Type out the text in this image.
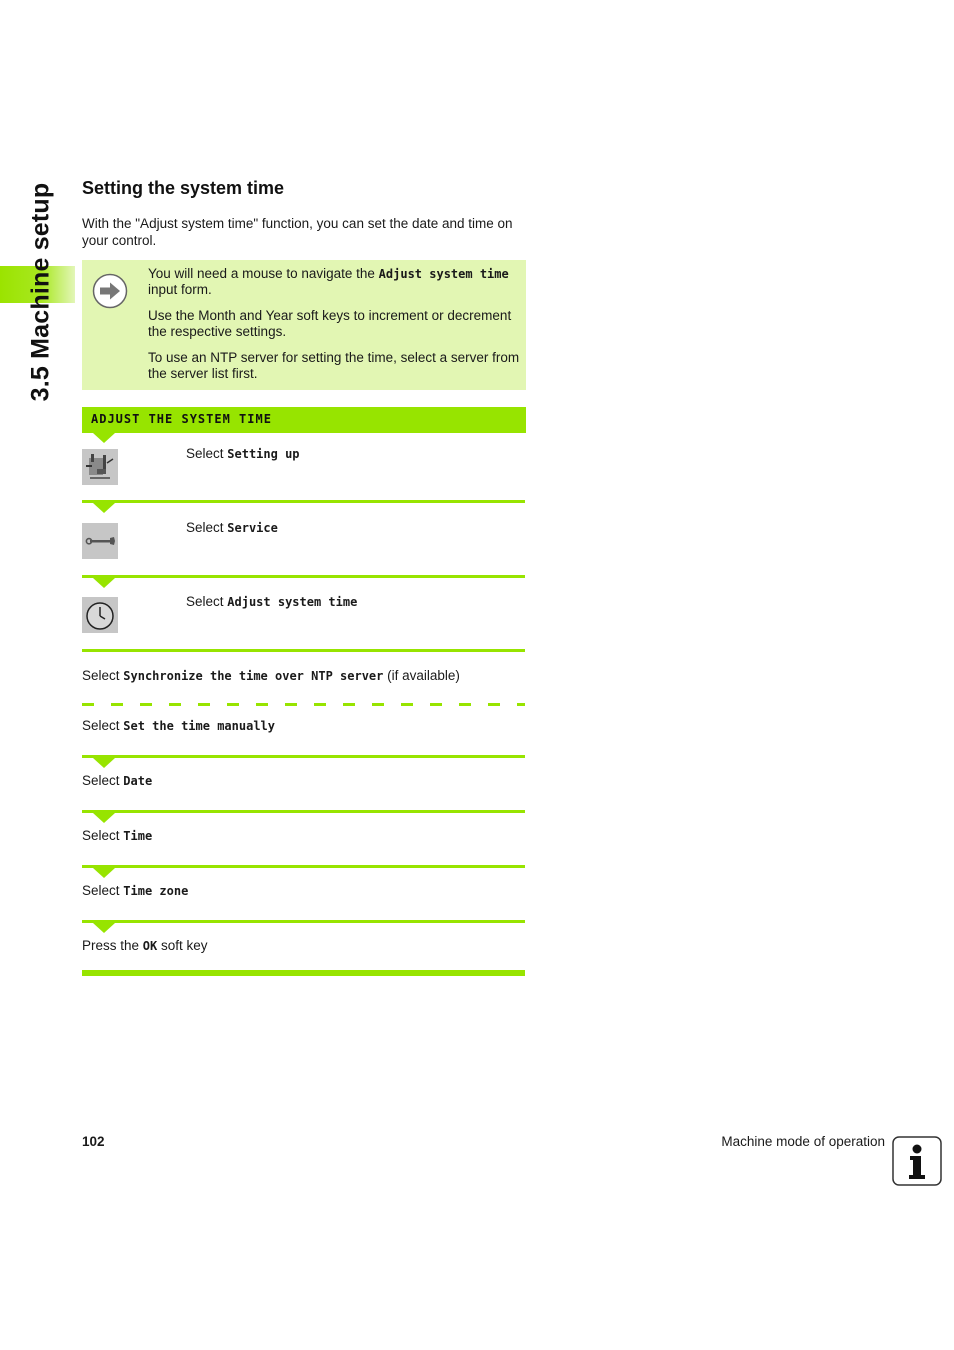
3.5 Machine setup Setting the system time

With the "Adjust system time" function, you can set the date and time on your control.

You will need a mouse to navigate the Adjust system time input form.

Use the Month and Year soft keys to increment or decrement the respective settings.

To use an NTP server for setting the time, select a server from the server list first.

ADJUST THE SYSTEM TIME
Select Setting up
Select Service
Select Adjust system time
Select Synchronize the time over NTP server (if available)
Select Set the time manually
Select Date
Select Time
Select Time zone
Press the OK soft key
102	Machine mode of operation
